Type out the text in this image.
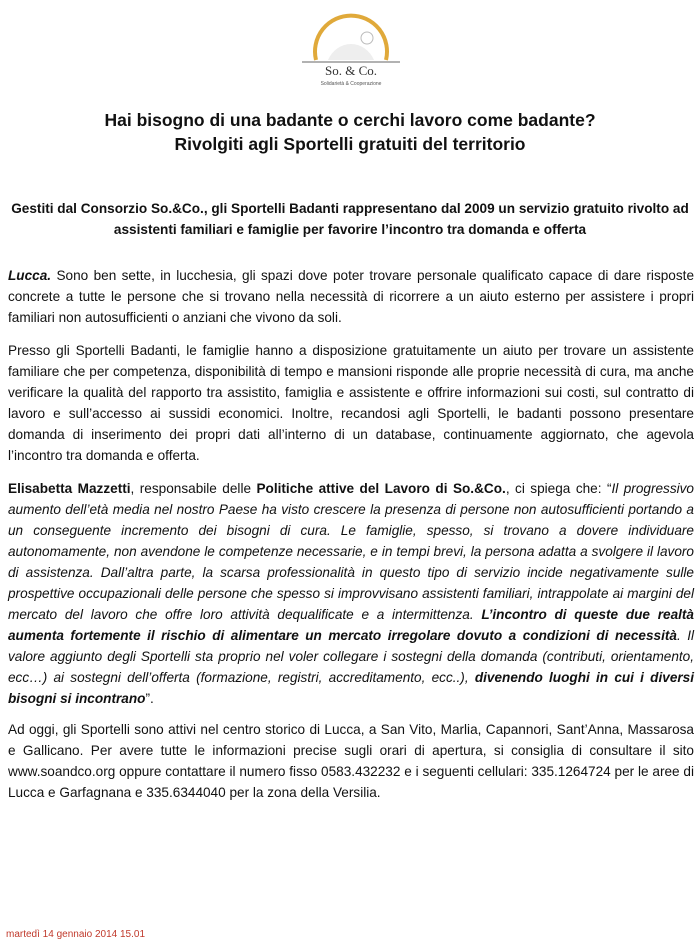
So. & Co.
Solidarietà & Cooperazione
Hai bisogno di una badante o cerchi lavoro come badante?
Rivolgiti agli Sportelli gratuiti del territorio
Gestiti dal Consorzio So.&Co., gli Sportelli Badanti rappresentano dal 2009 un servizio gratuito rivolto ad assistenti familiari e famiglie per favorire l’incontro tra domanda e offerta

Lucca. Sono ben sette, in lucchesia, gli spazi dove poter trovare personale qualificato capace di dare risposte concrete a tutte le persone che si trovano nella necessità di ricorrere a un aiuto esterno per assistere i propri familiari non autosufficienti o anziani che vivono da soli.

Presso gli Sportelli Badanti, le famiglie hanno a disposizione gratuitamente un aiuto per trovare un assistente familiare che per competenza, disponibilità di tempo e mansioni risponde alle proprie necessità di cura, ma anche verificare la qualità del rapporto tra assistito, famiglia e assistente e offrire informazioni sui costi, sul contratto di lavoro e sull’accesso ai sussidi economici. Inoltre, recandosi agli Sportelli, le badanti possono presentare domanda di inserimento dei propri dati all’interno di un database, continuamente aggiornato, che agevola l’incontro tra domanda e offerta.

Elisabetta Mazzetti, responsabile delle Politiche attive del Lavoro di So.&Co., ci spiega che: “Il progressivo aumento dell’età media nel nostro Paese ha visto crescere la presenza di persone non autosufficienti portando a un conseguente incremento dei bisogni di cura. Le famiglie, spesso, si trovano a dovere individuare autonomamente, non avendone le competenze necessarie, e in tempi brevi, la persona adatta a svolgere il lavoro di assistenza. Dall’altra parte, la scarsa professionalità in questo tipo di servizio incide negativamente sulle prospettive occupazionali delle persone che spesso si improvvisano assistenti familiari, intrappolate ai margini del mercato del lavoro che offre loro attività dequalificate e a intermittenza. L’incontro di queste due realtà aumenta fortemente il rischio di alimentare un mercato irregolare dovuto a condizioni di necessità. Il valore aggiunto degli Sportelli sta proprio nel voler collegare i sostegni della domanda (contributi, orientamento, ecc…) ai sostegni dell’offerta (formazione, registri, accreditamento, ecc..), divenendo luoghi in cui i diversi bisogni si incontrano”.

Ad oggi, gli Sportelli sono attivi nel centro storico di Lucca, a San Vito, Marlia, Capannori, Sant’Anna, Massarosa e Gallicano. Per avere tutte le informazioni precise sugli orari di apertura, si consiglia di consultare il sito www.soandco.org oppure contattare il numero fisso 0583.432232 e i seguenti cellulari: 335.1264724 per le aree di Lucca e Garfagnana e 335.6344040 per la zona della Versilia.

martedì 14 gennaio 2014 15.01
